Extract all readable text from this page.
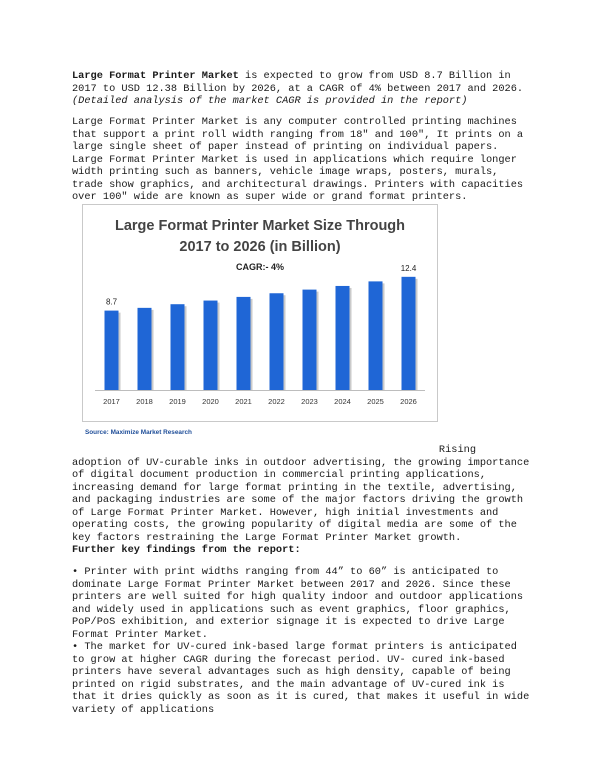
Large Format Printer Market is expected to grow from USD 8.7 Billion in 2017 to USD 12.38 Billion by 2026, at a CAGR of 4% between 2017 and 2026.
(Detailed analysis of the market CAGR is provided in the report)

Large Format Printer Market is any computer controlled printing machines that support a print roll width ranging from 18" and 100", It prints on a large single sheet of paper instead of printing on individual papers. Large Format Printer Market is used in applications which require longer width printing such as banners, vehicle image wraps, posters, murals, trade show graphics, and architectural drawings. Printers with capacities over 100" wide are known as super wide or grand format printers.

2017
8.7
2018 2019 2020 2021 2022 2023 2024 2025 2026
12.4
Large Format Printer Market Size Through
2017 to 2026 (in Billion)
CAGR:- 4%
Source: Maximize Market Research

Rising
adoption of UV-curable inks in outdoor advertising, the growing importance of digital document production in commercial printing applications, increasing demand for large format printing in the textile, advertising, and packaging industries are some of the major factors driving the growth of Large Format Printer Market. However, high initial investments and operating costs, the growing popularity of digital media are some of the key factors restraining the Large Format Printer Market growth.

Further key findings from the report:

• Printer with print widths ranging from 44” to 60” is anticipated to dominate Large Format Printer Market between 2017 and 2026. Since these printers are well suited for high quality indoor and outdoor applications and widely used in applications such as event graphics, floor graphics, PoP/PoS exhibition, and exterior signage it is expected to drive Large Format Printer Market.

• The market for UV-cured ink-based large format printers is anticipated to grow at higher CAGR during the forecast period. UV- cured ink-based printers have several advantages such as high density, capable of being printed on rigid substrates, and the main advantage of UV-cured ink is that it dries quickly as soon as it is cured, that makes it useful in wide variety of applications
